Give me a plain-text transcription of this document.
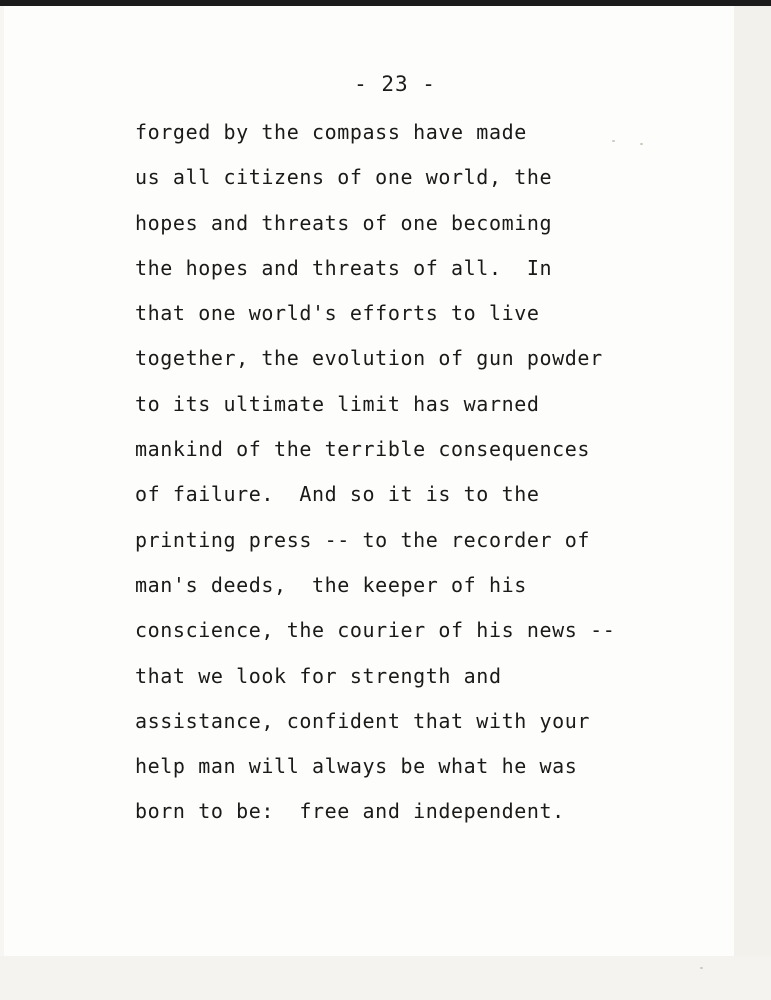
- 23 -
forged by the compass have made
us all citizens of one world, the
hopes and threats of one becoming
the hopes and threats of all.  In
that one world's efforts to live
together, the evolution of gun powder
to its ultimate limit has warned
mankind of the terrible consequences
of failure.  And so it is to the
printing press -- to the recorder of
man's deeds,  the keeper of his
conscience, the courier of his news --
that we look for strength and
assistance, confident that with your
help man will always be what he was
born to be:  free and independent.
